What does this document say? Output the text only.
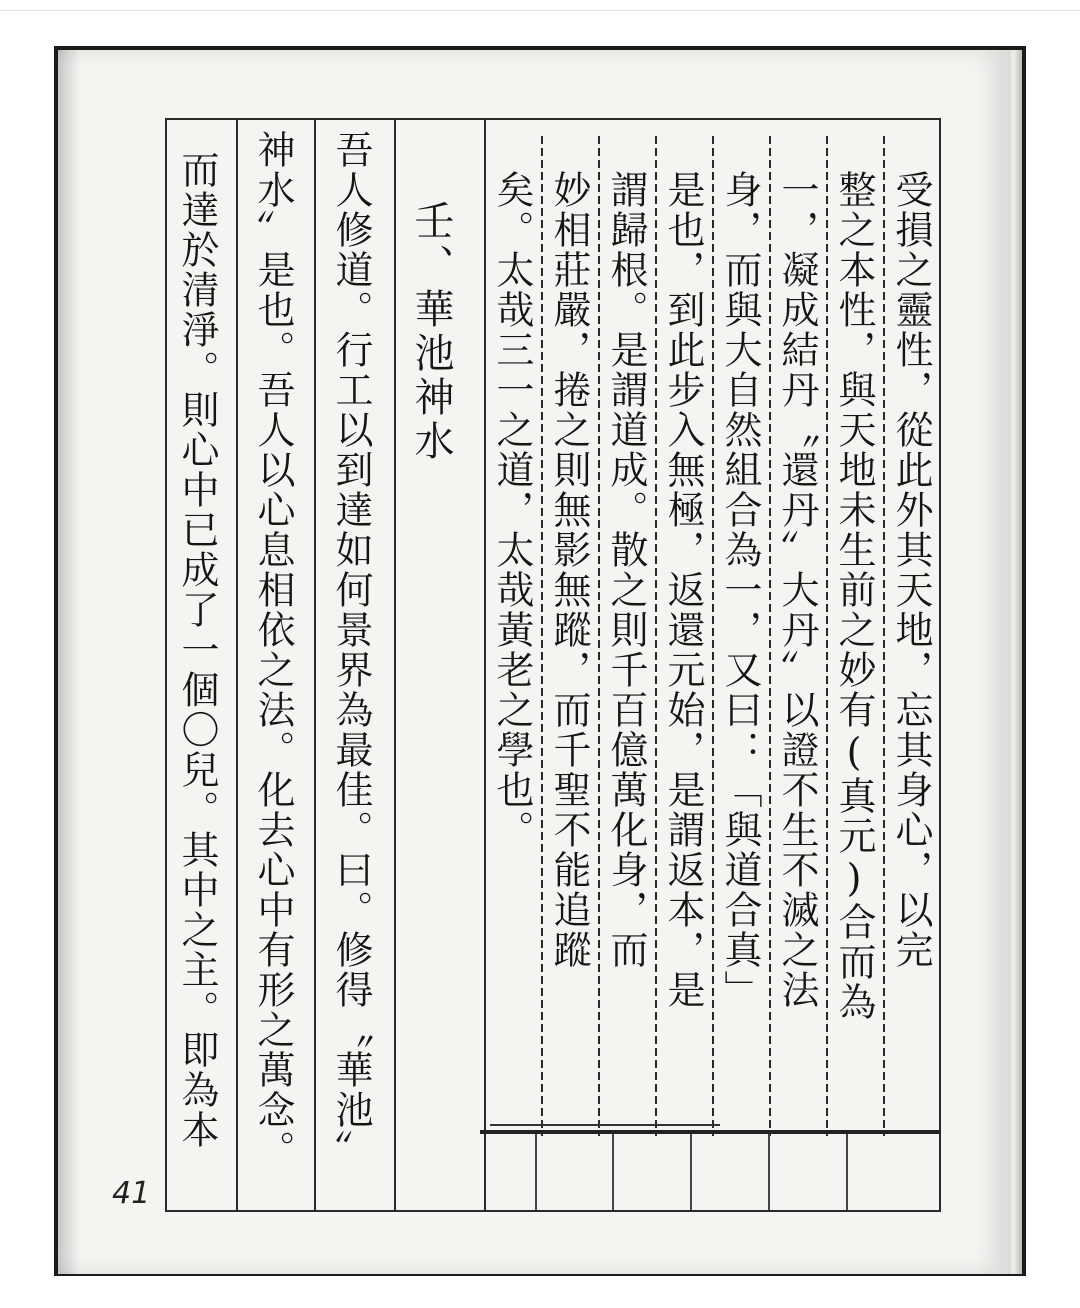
受損之靈性，從此外其天地，忘其身心，以完
整之本性，與天地未生前之妙有(真元)合而為
一，凝成結丹〝還丹〞大丹〞以證不生不滅之法
身，而與大自然組合為一，又曰：「與道合真」
是也，到此步入無極，返還元始，是謂返本，是
謂歸根。是謂道成。散之則千百億萬化身，而
妙相莊嚴，捲之則無影無蹤，而千聖不能追蹤
矣。太哉三一之道，太哉黃老之學也。
壬、華池神水
吾人修道。行工以到達如何景界為最佳。曰。修得〝華池〞
神水〞是也。吾人以心息相依之法。化去心中有形之萬念。
而達於清淨。則心中已成了一個〇兒。其中之主。即為本
41
